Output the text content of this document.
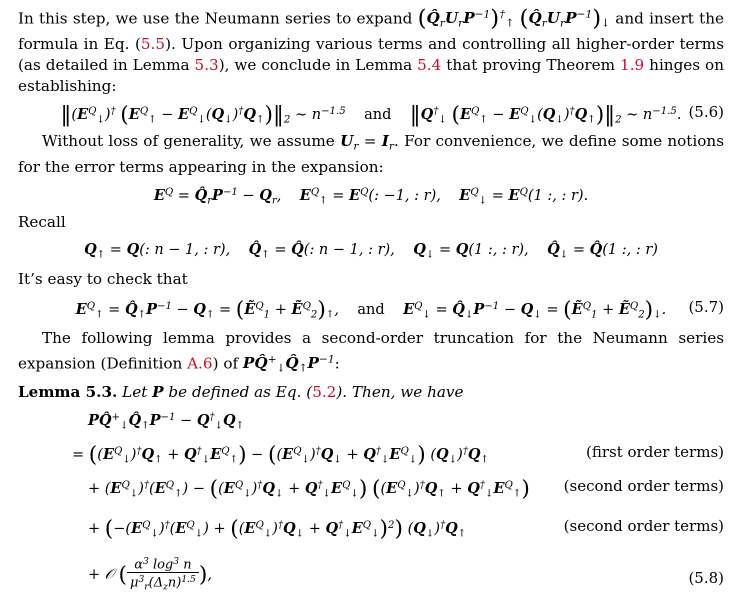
In this step, we use the Neumann series to expand $(Q̂_rU_rP^{-1})^\dagger_↑$ $(Q̂_rU_rP^{-1})_↓$ and insert the formula in Eq. (5.5). Upon organizing various terms and controlling all higher-order terms (as detailed in Lemma 5.3), we conclude in Lemma 5.4 that proving Theorem 1.9 hinges on establishing:

$‖(E^Q_↓)^\dagger$ ($E^Q_↑$ − $E^Q_↓(Q_↓)^\dagger Q_↑)‖_2$ ∼ $n^{-1.5}$ and $‖Q^\dagger_↓$ ($E^Q_↑$ − $E^Q_↓(Q_↓)^\dagger Q_↑)‖_2$ ∼ $n^{-1.5}$. (5.6)

Without loss of generality, we assume $U_r = I_r$. For convenience, we define some notions for the error terms appearing in the expansion:

$E^Q$ = $Q̂_rP^{-1} - Q_r$,    $E^Q_↑ = E^Q$(: −1, : r),    $E^Q_↓ = E^Q(1$ :, : r).

Recall

$Q_↑ = Q$(: n − 1, : r),    $Q̂_↑$ = Q̂(: n − 1, : r),    $Q_↓ = Q(1$ :, : r),    $Q̂_↓$ = Q̂(1 :, : r)

It’s easy to check that

$E^Q_↑$ = $Q̂_↑P^{-1} - Q_↑$ = (Ẽ$^Q_1$ + $Ẽ^Q_2)_↑$,    and $E^Q_↓$ = $Q̂_↓P^{-1} - Q_↓$ = (Ẽ$^Q_1$ + $Ẽ^Q_2)_↓$. (5.7)

The following lemma provides a second-order truncation for the Neumann series expansion (Definition A.6) of $PQ̂^+_↓Q̂_↑P^{-1}$:

Lemma 5.3. Let P be defined as Eq. (5.2). Then, we have

$PQ̂^+_↓Q̂_↑P^{-1} - Q^\dagger_↓Q_↑$
= $((E^Q_↓)^\dagger Q_↑ + Q^\dagger_↓E^Q_↑) - ((E^Q_↓)^\dagger Q_↓ + Q^\dagger_↓E^Q_↓)$ $(Q_↓)^\dagger Q_↑$	(first order terms)
+ $(E^Q_↓)^\dagger(E^Q_↑) - ((E^Q_↓)^\dagger Q_↓ + Q^\dagger_↓E^Q_↓) ((E^Q_↓)^\dagger Q_↑ + Q^\dagger_↓E^Q_↑)$ (second order terms)
+ $(-(E^Q_↓)^\dagger(E^Q_↓) + ((E^Q_↓)^\dagger Q_↓ + Q^\dagger_↓E^Q_↓)^2)$ $(Q_↓)^\dagger Q_↑$	(second order terms)
+ 𝒪 ( $\frac{\alpha^3 \log^3 n}{\mu^3_r(\Delta_zn)^{1.5}}$ ),	(5.8)
